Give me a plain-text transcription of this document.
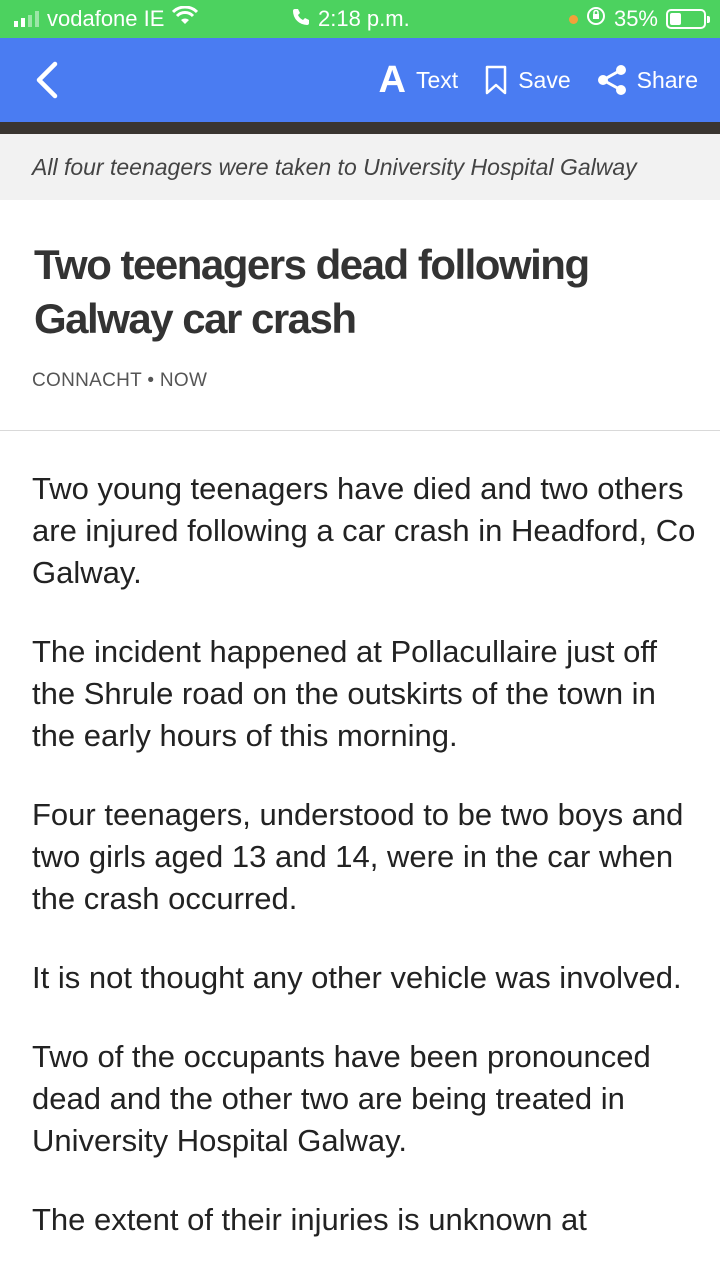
vodafone IE	2:18 p.m.	35%
A Text	Save	Share
All four teenagers were taken to University Hospital Galway
Two teenagers dead following Galway car crash
CONNACHT • NOW

Two young teenagers have died and two others are injured following a car crash in Headford, Co Galway.

The incident happened at Pollacullaire just off the Shrule road on the outskirts of the town in the early hours of this morning.

Four teenagers, understood to be two boys and two girls aged 13 and 14, were in the car when the crash occurred.

It is not thought any other vehicle was involved.

Two of the occupants have been pronounced dead and the other two are being treated in University Hospital Galway.

The extent of their injuries is unknown at
